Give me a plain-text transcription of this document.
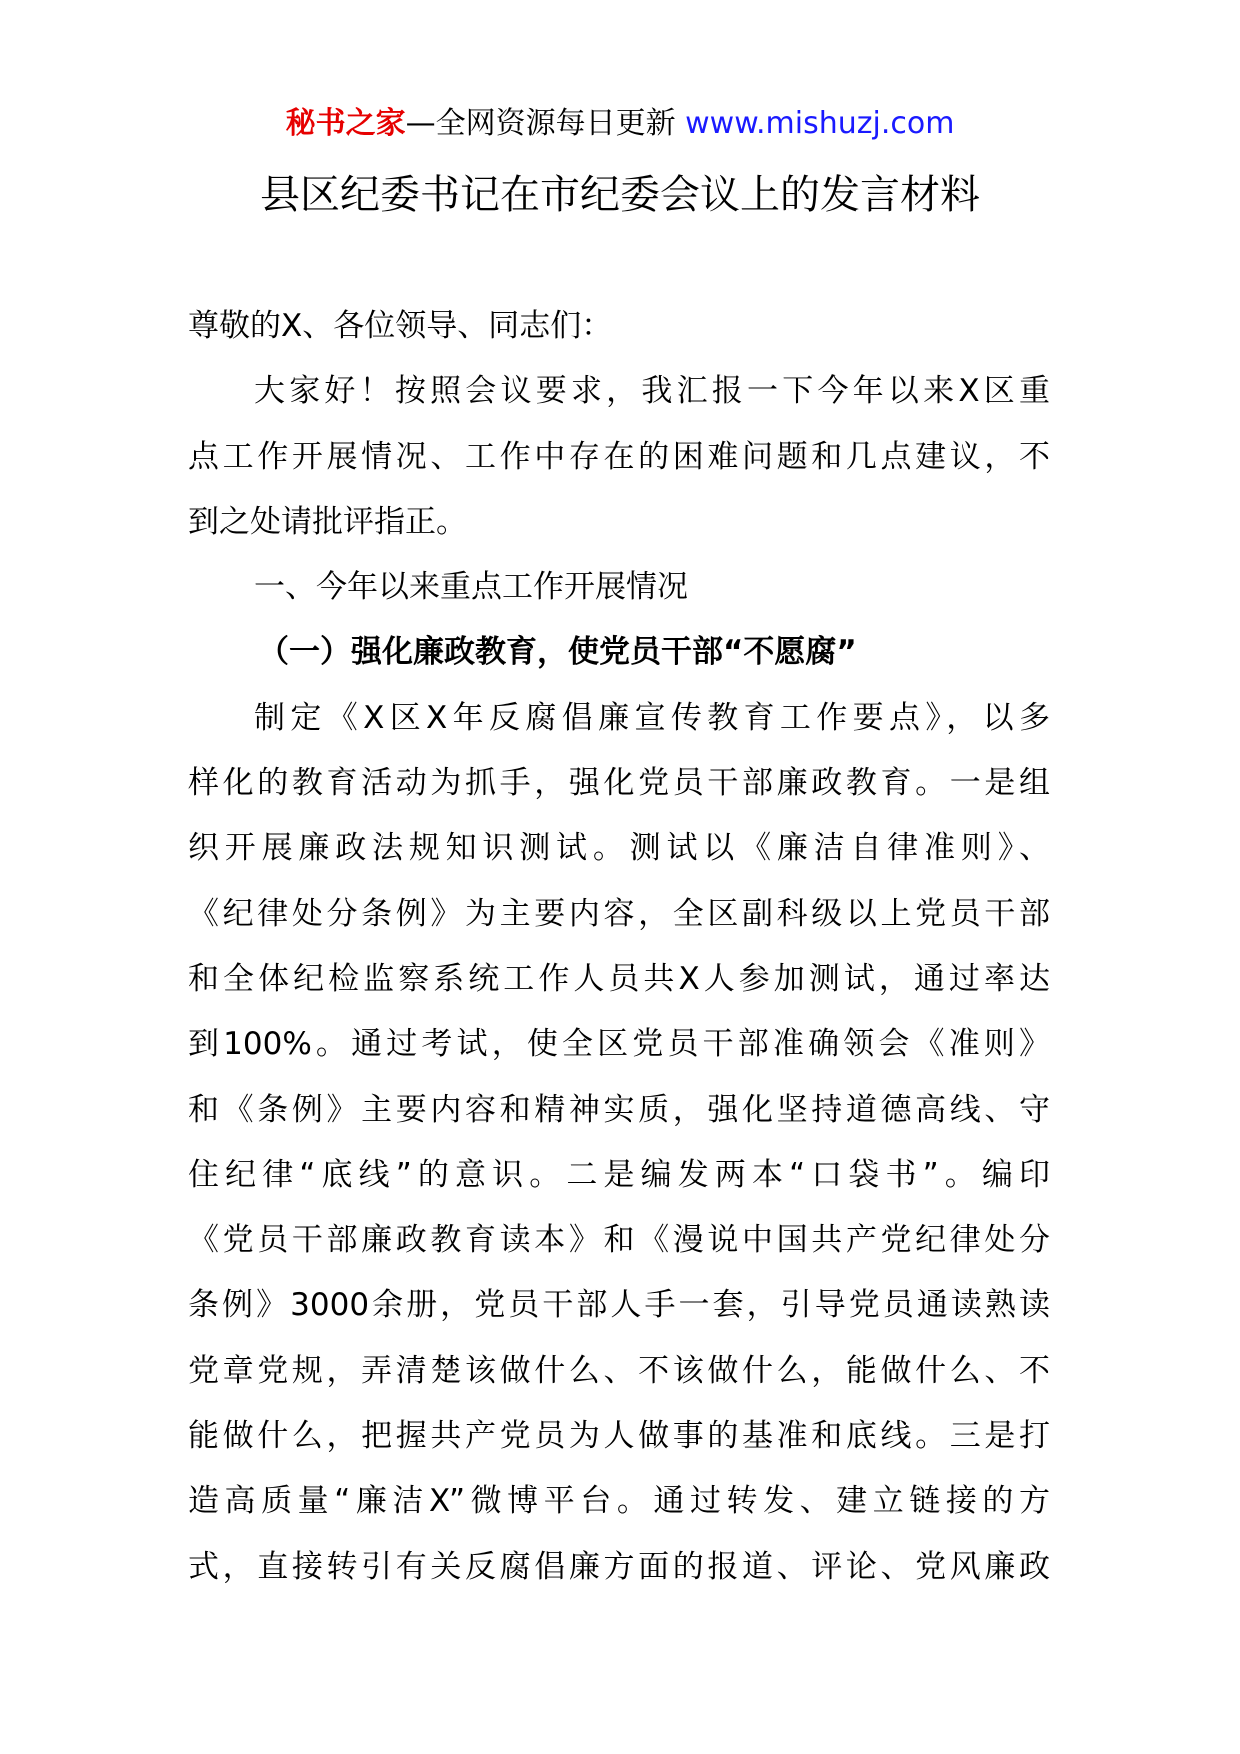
秘书之家—全网资源每日更新 www.mishuzj.com
县区纪委书记在市纪委会议上的发言材料
尊敬的X、各位领导、同志们：
大家好！按照会议要求，我汇报一下今年以来X区重
点工作开展情况、工作中存在的困难问题和几点建议，不
到之处请批评指正。
一、今年以来重点工作开展情况
（一）强化廉政教育，使党员干部“不愿腐”
制定《X区X年反腐倡廉宣传教育工作要点》，以多
样化的教育活动为抓手，强化党员干部廉政教育。一是组
织开展廉政法规知识测试。测试以《廉洁自律准则》、
《纪律处分条例》为主要内容，全区副科级以上党员干部
和全体纪检监察系统工作人员共X人参加测试，通过率达
到100%。通过考试，使全区党员干部准确领会《准则》
和《条例》主要内容和精神实质，强化坚持道德高线、守
住纪律“底线”的意识。二是编发两本“口袋书”。编印
《党员干部廉政教育读本》和《漫说中国共产党纪律处分
条例》3000余册，党员干部人手一套，引导党员通读熟读
党章党规，弄清楚该做什么、不该做什么，能做什么、不
能做什么，把握共产党员为人做事的基准和底线。三是打
造高质量“廉洁X”微博平台。通过转发、建立链接的方
式，直接转引有关反腐倡廉方面的报道、评论、党风廉政
